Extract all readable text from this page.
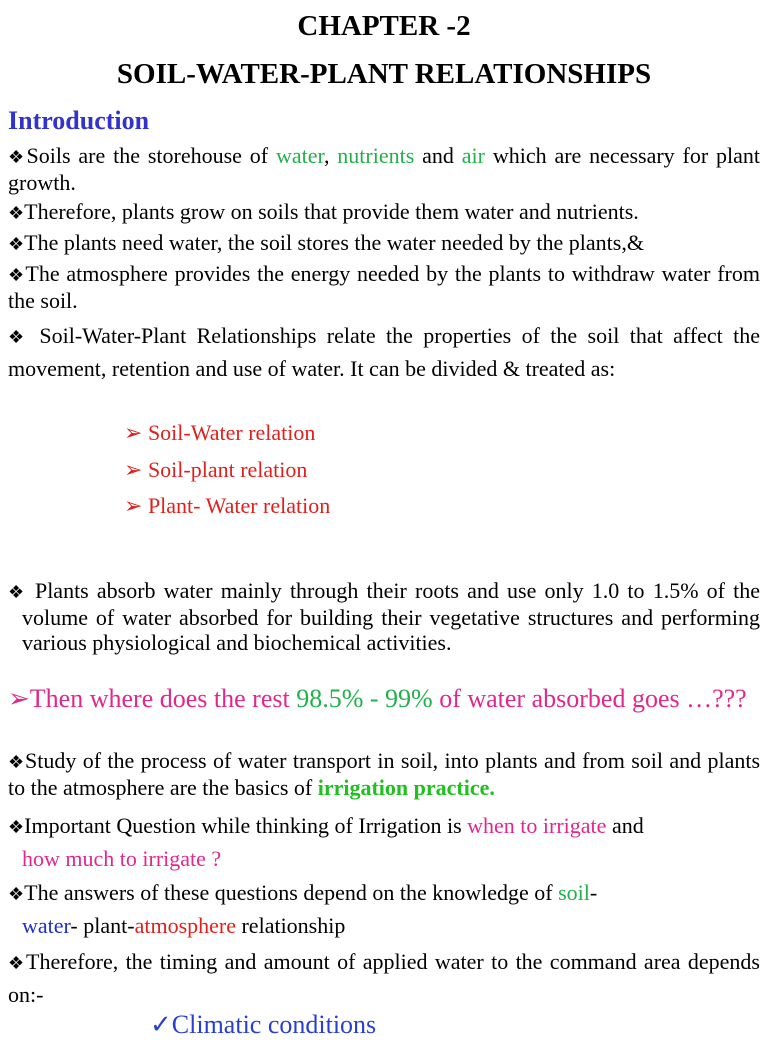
CHAPTER -2
SOIL-WATER-PLANT RELATIONSHIPS
Introduction
❖Soils are the storehouse of water, nutrients and air which are necessary for plant growth.
❖Therefore, plants grow on soils that provide them water and nutrients.
❖The plants need water, the soil stores the water needed by the plants,&
❖The atmosphere provides the energy needed by the plants to withdraw water from the soil.
❖ Soil-Water-Plant Relationships relate the properties of the soil that affect the movement, retention and use of water. It can be divided & treated as:
➢ Soil-Water relation
➢ Soil-plant relation
➢ Plant- Water relation
❖ Plants absorb water mainly through their roots and use only 1.0 to 1.5% of the volume of water absorbed for building their vegetative structures and performing various physiological and biochemical activities.
➢Then where does the rest 98.5% - 99% of water absorbed goes …???
❖Study of the process of water transport in soil, into plants and from soil and plants to the atmosphere are the basics of irrigation practice.
❖Important Question while thinking of Irrigation is when to irrigate and
how much to irrigate ?
❖The answers of these questions depend on the knowledge of soil-
water- plant-atmosphere relationship
❖Therefore, the timing and amount of applied water to the command area depends on:-
✓Climatic conditions
